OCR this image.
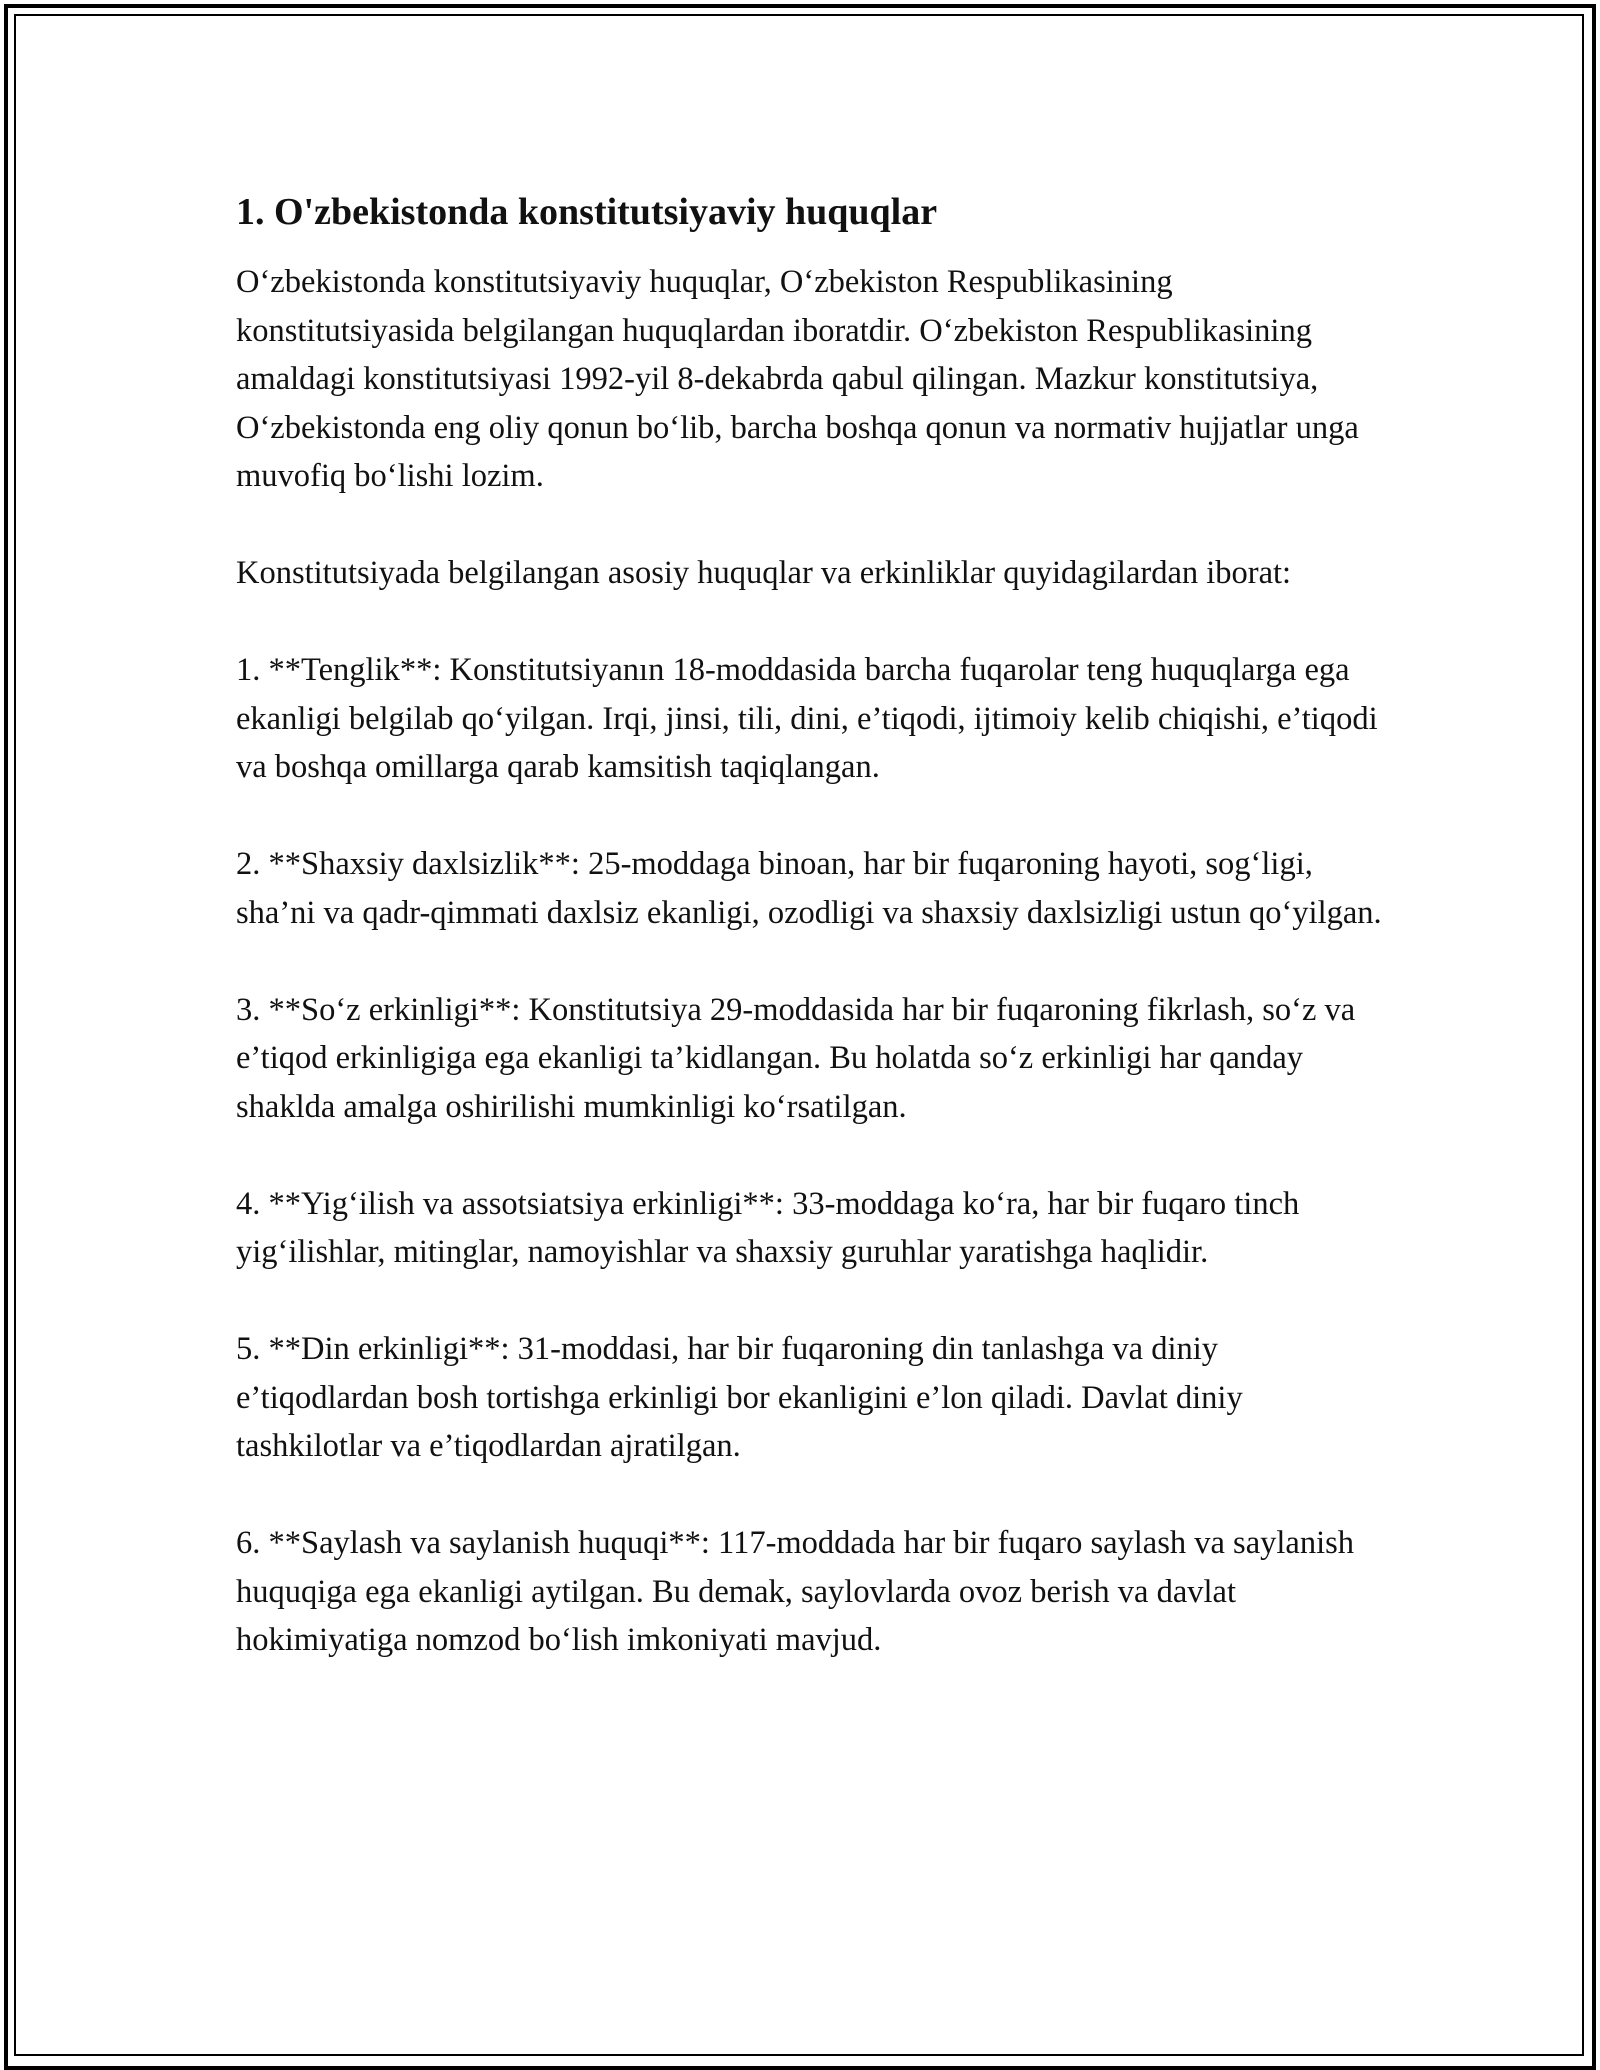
1. O'zbekistonda konstitutsiyaviy huquqlar

O‘zbekistonda konstitutsiyaviy huquqlar, O‘zbekiston Respublikasining konstitutsiyasida belgilangan huquqlardan iboratdir. O‘zbekiston Respublikasining amaldagi konstitutsiyasi 1992-yil 8-dekabrda qabul qilingan. Mazkur konstitutsiya, O‘zbekistonda eng oliy qonun bo‘lib, barcha boshqa qonun va normativ hujjatlar unga muvofiq bo‘lishi lozim.

Konstitutsiyada belgilangan asosiy huquqlar va erkinliklar quyidagilardan iborat:

1. **Tenglik**: Konstitutsiyanın 18-moddasida barcha fuqarolar teng huquqlarga ega ekanligi belgilab qo‘yilgan. Irqi, jinsi, tili, dini, e’tiqodi, ijtimoiy kelib chiqishi, e’tiqodi va boshqa omillarga qarab kamsitish taqiqlangan.

2. **Shaxsiy daxlsizlik**: 25-moddaga binoan, har bir fuqaroning hayoti, sog‘ligi, sha’ni va qadr-qimmati daxlsiz ekanligi, ozodligi va shaxsiy daxlsizligi ustun qo‘yilgan.

3. **So‘z erkinligi**: Konstitutsiya 29-moddasida har bir fuqaroning fikrlash, so‘z va e’tiqod erkinligiga ega ekanligi ta’kidlangan. Bu holatda so‘z erkinligi har qanday shaklda amalga oshirilishi mumkinligi ko‘rsatilgan.

4. **Yig‘ilish va assotsiatsiya erkinligi**: 33-moddaga ko‘ra, har bir fuqaro tinch yig‘ilishlar, mitinglar, namoyishlar va shaxsiy guruhlar yaratishga haqlidir.

5. **Din erkinligi**: 31-moddasi, har bir fuqaroning din tanlashga va diniy e’tiqodlardan bosh tortishga erkinligi bor ekanligini e’lon qiladi. Davlat diniy tashkilotlar va e’tiqodlardan ajratilgan.

6. **Saylash va saylanish huquqi**: 117-moddada har bir fuqaro saylash va saylanish huquqiga ega ekanligi aytilgan. Bu demak, saylovlarda ovoz berish va davlat hokimiyatiga nomzod bo‘lish imkoniyati mavjud.
